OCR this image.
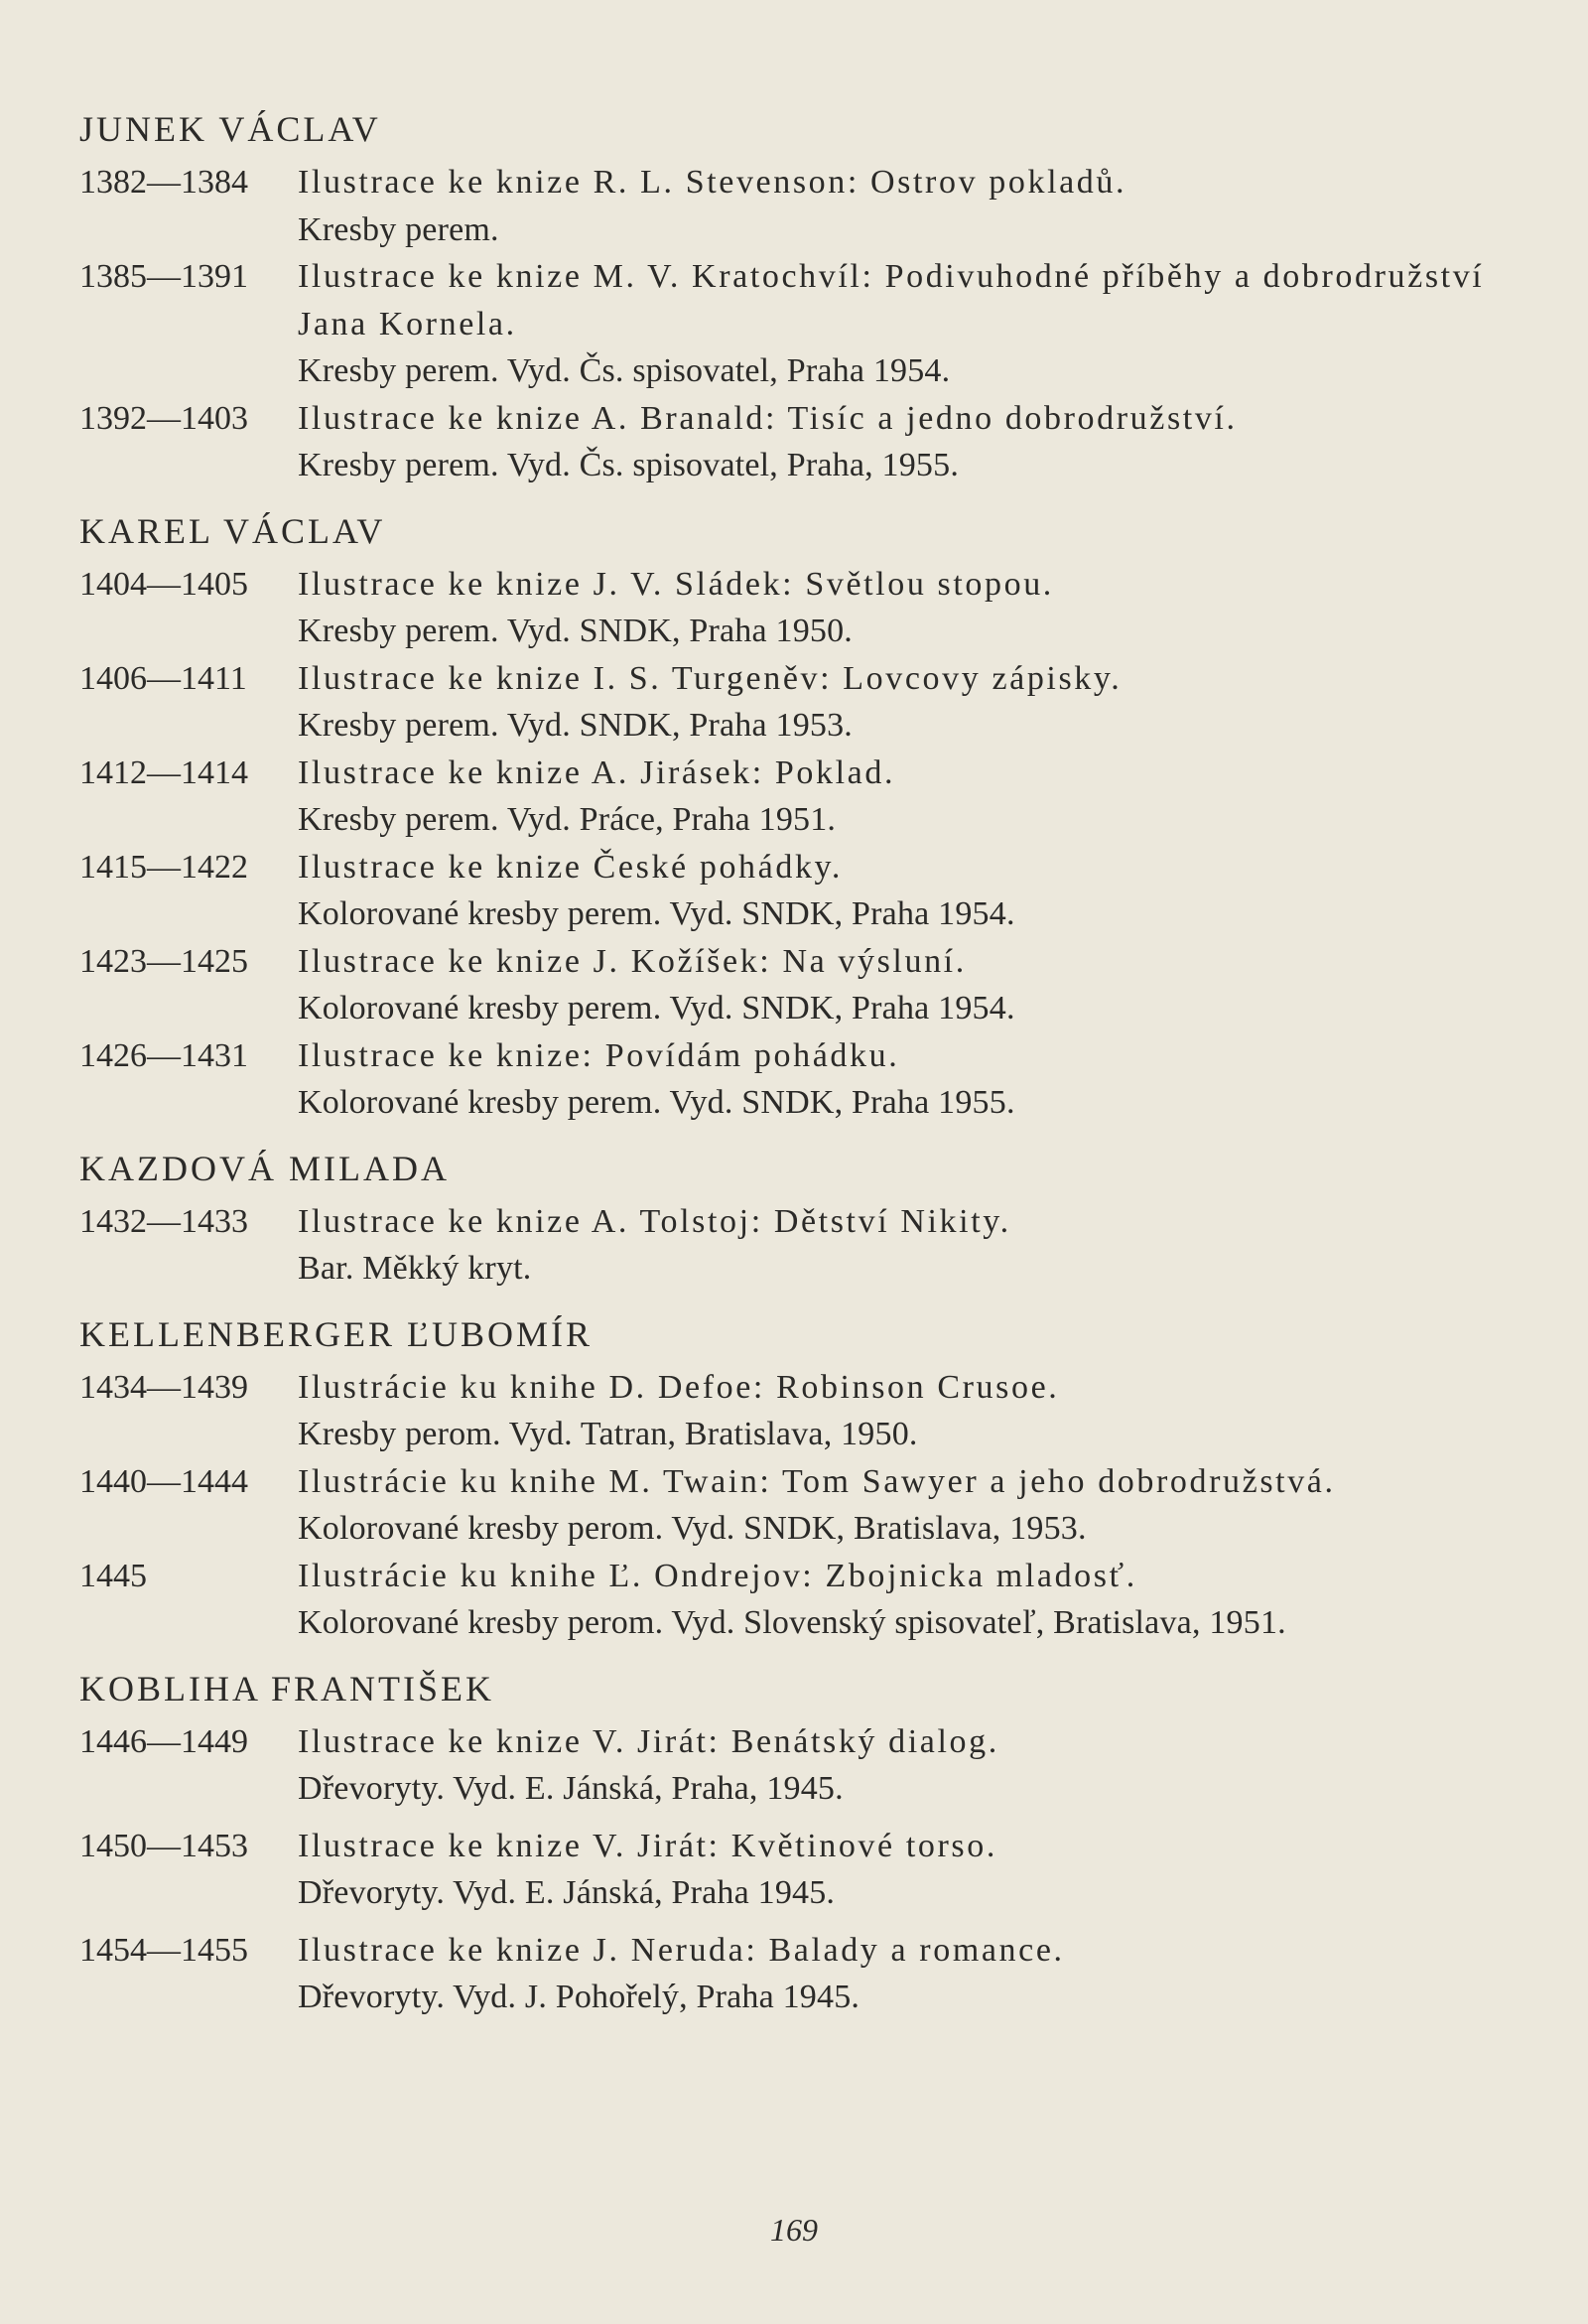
JUNEK VÁCLAV
1382—1384	Ilustrace ke knize R. L. Stevenson: Ostrov pokladů.
Kresby perem.
1385—1391	Ilustrace ke knize M. V. Kratochvíl: Podivuhodné příběhy a dobrodružství Jana Kornela.
Kresby perem. Vyd. Čs. spisovatel, Praha 1954.
1392—1403	Ilustrace ke knize A. Branald: Tisíc a jedno dobrodružství.
Kresby perem. Vyd. Čs. spisovatel, Praha, 1955.
KAREL VÁCLAV
1404—1405	Ilustrace ke knize J. V. Sládek: Světlou stopou.
Kresby perem. Vyd. SNDK, Praha 1950.
1406—1411	Ilustrace ke knize I. S. Turgeněv: Lovcovy zápisky.
Kresby perem. Vyd. SNDK, Praha 1953.
1412—1414	Ilustrace ke knize A. Jirásek: Poklad.
Kresby perem. Vyd. Práce, Praha 1951.
1415—1422	Ilustrace ke knize České pohádky.
Kolorované kresby perem. Vyd. SNDK, Praha 1954.
1423—1425	Ilustrace ke knize J. Kožíšek: Na výsluní.
Kolorované kresby perem. Vyd. SNDK, Praha 1954.
1426—1431	Ilustrace ke knize: Povídám pohádku.
Kolorované kresby perem. Vyd. SNDK, Praha 1955.
KAZDOVÁ MILADA
1432—1433	Ilustrace ke knize A. Tolstoj: Dětství Nikity.
Bar. Měkký kryt.
KELLENBERGER ĽUBOMÍR
1434—1439	Ilustrácie ku knihe D. Defoe: Robinson Crusoe.
Kresby perom. Vyd. Tatran, Bratislava, 1950.
1440—1444	Ilustrácie ku knihe M. Twain: Tom Sawyer a jeho dobrodružstvá.
Kolorované kresby perom. Vyd. SNDK, Bratislava, 1953.
1445	Ilustrácie ku knihe Ľ. Ondrejov: Zbojnicka mladosť.
Kolorované kresby perom. Vyd. Slovenský spisovateľ, Bratislava, 1951.
KOBLIHA FRANTIŠEK
1446—1449	Ilustrace ke knize V. Jirát: Benátský dialog.
Dřevoryty. Vyd. E. Jánská, Praha, 1945.
1450—1453	Ilustrace ke knize V. Jirát: Květinové torso.
Dřevoryty. Vyd. E. Jánská, Praha 1945.
1454—1455	Ilustrace ke knize J. Neruda: Balady a romance.
Dřevoryty. Vyd. J. Pohořelý, Praha 1945.
169
